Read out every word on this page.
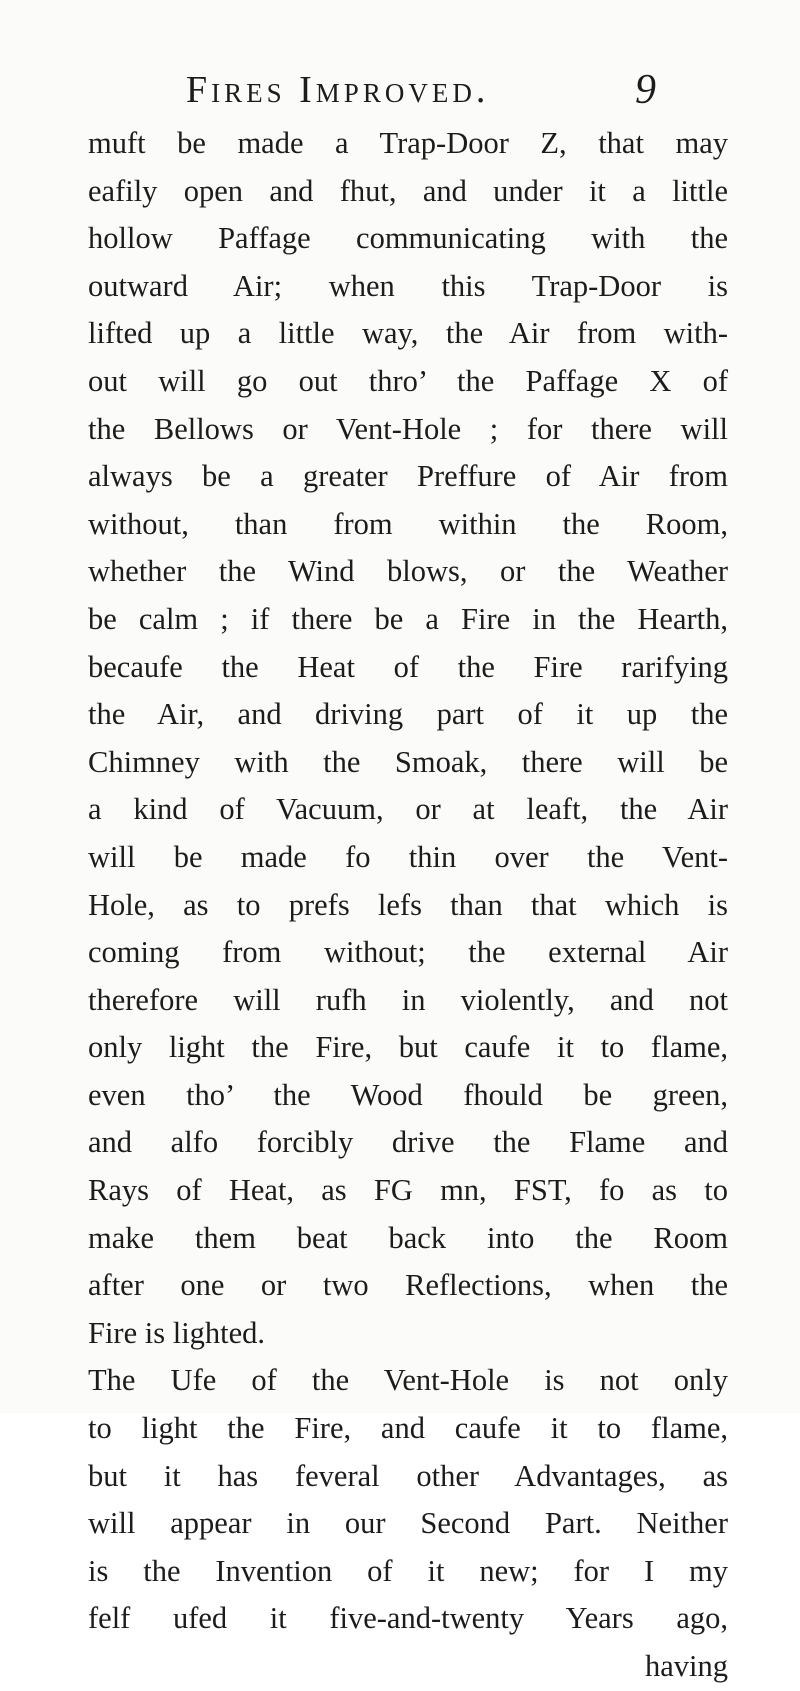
Fires Improved.	9
muft be made a Trap-Door Z, that may
eafily open and fhut, and under it a little
hollow Paffage communicating with the
outward Air; when this Trap-Door is
lifted up a little way, the Air from with-
out will go out thro’ the Paffage X of
the Bellows or Vent-Hole ; for there will
always be a greater Preffure of Air from
without, than from within the Room,
whether the Wind blows, or the Weather
be calm ; if there be a Fire in the Hearth,
becaufe the Heat of the Fire rarifying
the Air, and driving part of it up the
Chimney with the Smoak, there will be
a kind of Vacuum, or at leaft, the Air
will be made fo thin over the Vent-
Hole, as to prefs lefs than that which is
coming from without; the external Air
therefore will rufh in violently, and not
only light the Fire, but caufe it to flame,
even tho’ the Wood fhould be green,
and alfo forcibly drive the Flame and
Rays of Heat, as FG mn, FST, fo as to
make them beat back into the Room
after one or two Reflections, when the
Fire is lighted.
The Ufe of the Vent-Hole is not only
to light the Fire, and caufe it to flame,
but it has feveral other Advantages, as
will appear in our Second Part. Neither
is the Invention of it new; for I my
felf ufed it five-and-twenty Years ago,
having
